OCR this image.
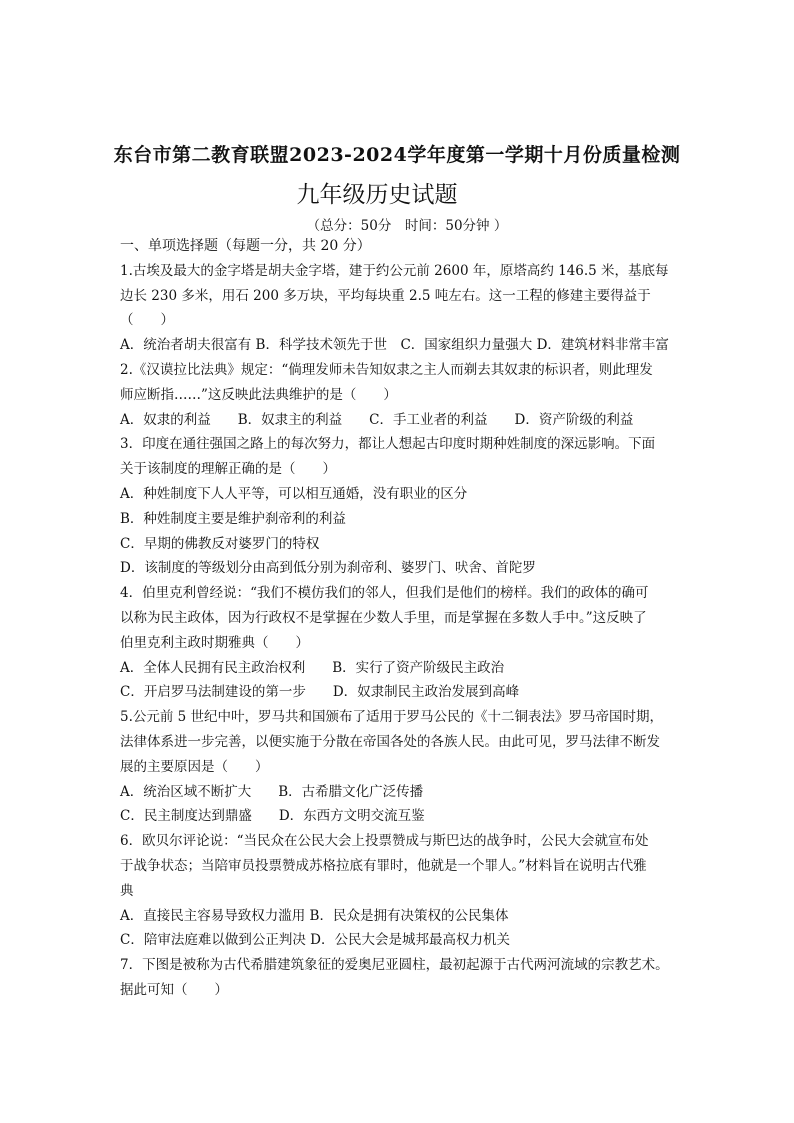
东台市第二教育联盟2023-2024学年度第一学期十月份质量检测
九年级历史试题
（总分：50分　时间：50分钟 ）
一、单项选择题（每题一分，共 20 分）
1.古埃及最大的金字塔是胡夫金字塔，建于约公元前 2600 年，原塔高约 146.5 米，基底每
边长 230 多米，用石 200 多万块，平均每块重 2.5 吨左右。这一工程的修建主要得益于
（　　）
A．统治者胡夫很富有 B．科学技术领先于世　C．国家组织力量强大 D．建筑材料非常丰富
2.《汉谟拉比法典》规定：“倘理发师未告知奴隶之主人而剃去其奴隶的标识者，则此理发
师应断指……”这反映此法典维护的是（　　）
A．奴隶的利益　　B．奴隶主的利益　　C．手工业者的利益　　D．资产阶级的利益
3．印度在通往强国之路上的每次努力，都让人想起古印度时期种姓制度的深远影响。下面
关于该制度的理解正确的是（　　）
A．种姓制度下人人平等，可以相互通婚，没有职业的区分
B．种姓制度主要是维护刹帝利的利益
C．早期的佛教反对婆罗门的特权
D．该制度的等级划分由高到低分别为刹帝利、婆罗门、吠舍、首陀罗
4．伯里克利曾经说：“我们不模仿我们的邻人，但我们是他们的榜样。我们的政体的确可
以称为民主政体，因为行政权不是掌握在少数人手里，而是掌握在多数人手中。”这反映了
伯里克利主政时期雅典（　　）
A．全体人民拥有民主政治权利　　B．实行了资产阶级民主政治
C．开启罗马法制建设的第一步　　D．奴隶制民主政治发展到高峰
5.公元前 5 世纪中叶，罗马共和国颁布了适用于罗马公民的《十二铜表法》罗马帝国时期，
法律体系进一步完善，以便实施于分散在帝国各处的各族人民。由此可见，罗马法律不断发
展的主要原因是（　　）
A．统治区域不断扩大　　B．古希腊文化广泛传播
C．民主制度达到鼎盛　　D．东西方文明交流互鉴
6．欧贝尔评论说：“当民众在公民大会上投票赞成与斯巴达的战争时，公民大会就宣布处
于战争状态；当陪审员投票赞成苏格拉底有罪时，他就是一个罪人。”材料旨在说明古代雅
典
A．直接民主容易导致权力滥用 B．民众是拥有决策权的公民集体
C．陪审法庭难以做到公正判决 D．公民大会是城邦最高权力机关
7．下图是被称为古代希腊建筑象征的爱奥尼亚圆柱，最初起源于古代两河流域的宗教艺术。
据此可知（　　）
